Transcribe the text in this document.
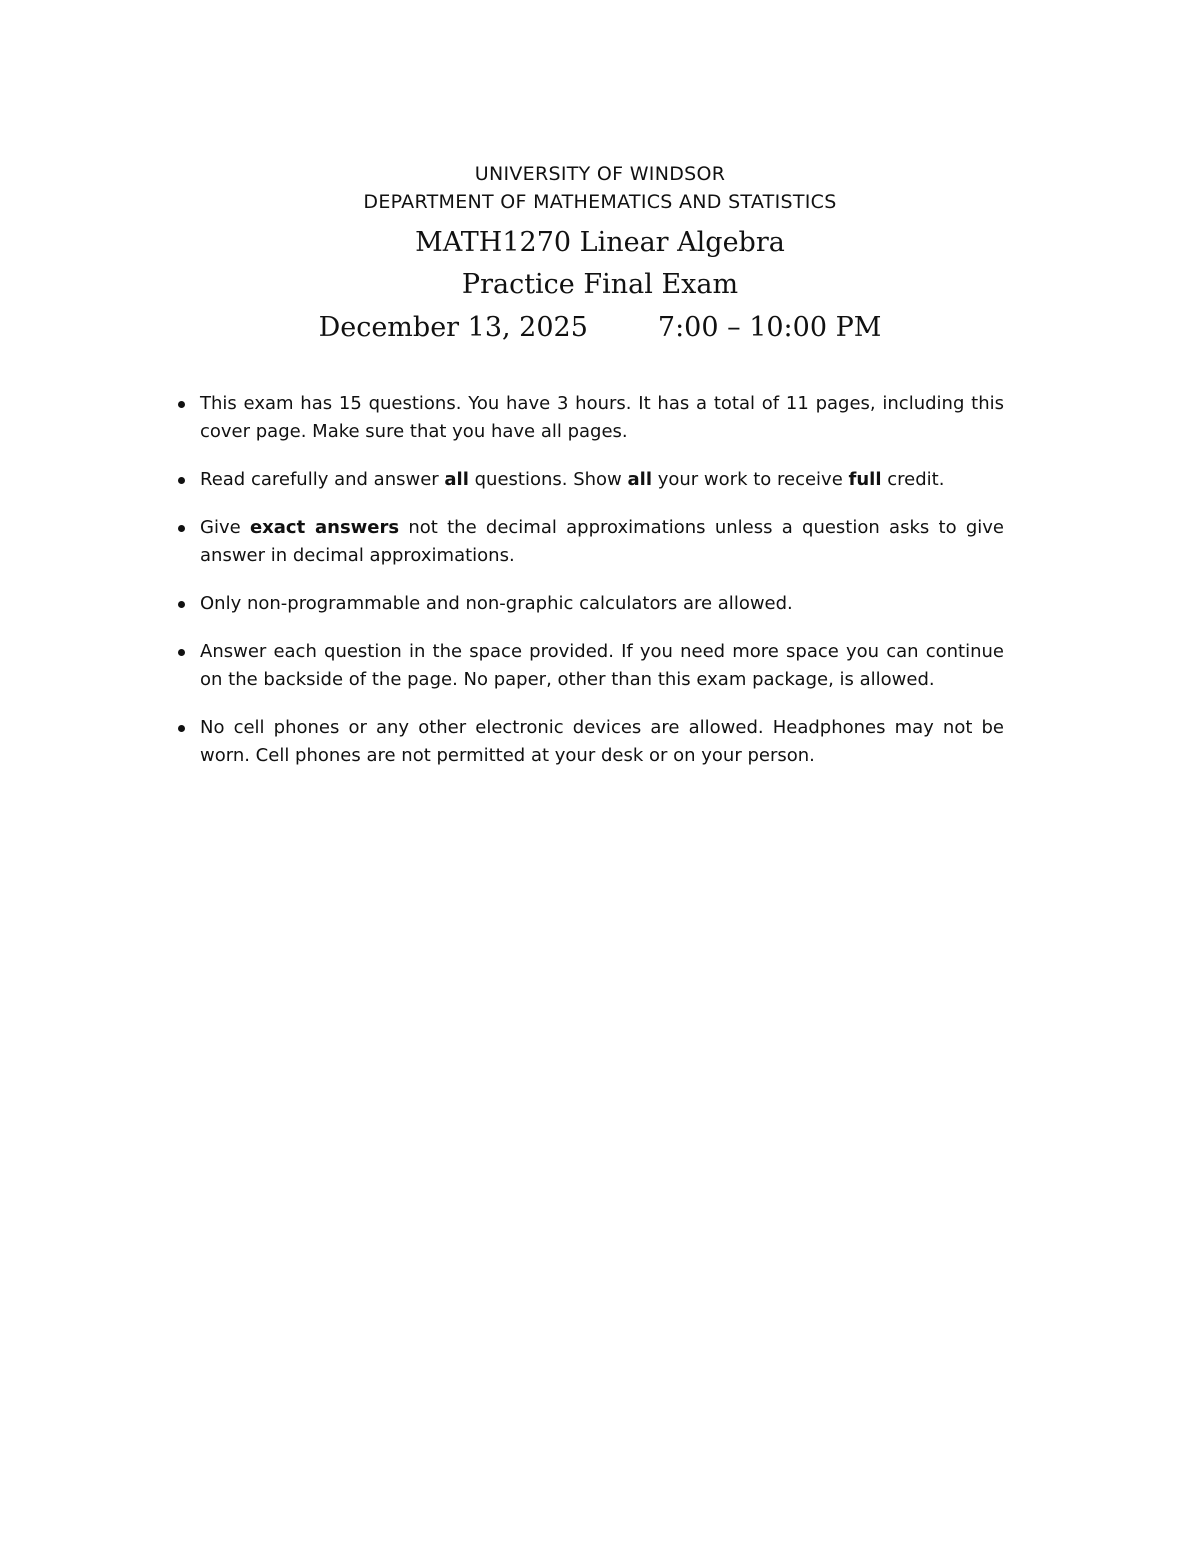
UNIVERSITY OF WINDSOR
DEPARTMENT OF MATHEMATICS AND STATISTICS
MATH1270 Linear Algebra
Practice Final Exam
December 13, 2025	7:00 – 10:00 PM
This exam has 15 questions. You have 3 hours. It has a total of 11 pages, including this cover page. Make sure that you have all pages.
Read carefully and answer all questions. Show all your work to receive full credit.
Give exact answers not the decimal approximations unless a question asks to give answer in decimal approximations.
Only non-programmable and non-graphic calculators are allowed.
Answer each question in the space provided. If you need more space you can continue on the backside of the page. No paper, other than this exam package, is allowed.
No cell phones or any other electronic devices are allowed. Headphones may not be worn. Cell phones are not permitted at your desk or on your person.
